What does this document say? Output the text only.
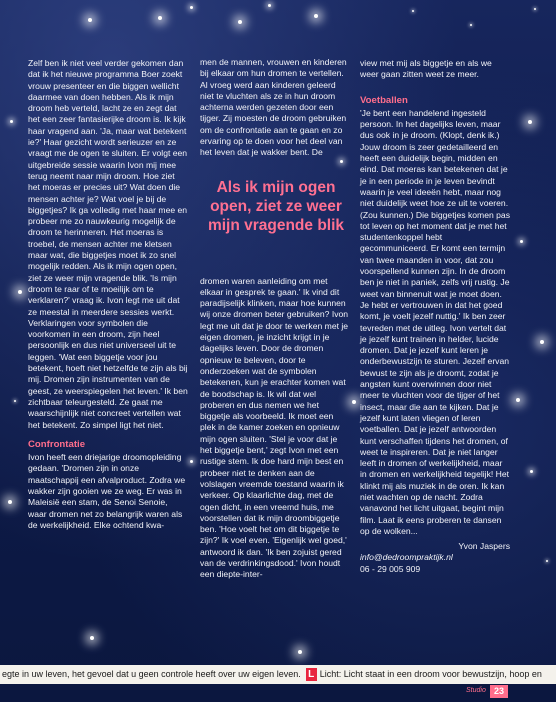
Zelf ben ik niet veel verder gekomen dan dat ik het nieuwe programma Boer zoekt vrouw presenteer en die biggen wellicht daarmee van doen hebben. Als ik mijn droom heb verteld, lacht ze en zegt dat het een zeer fantasierijke droom is. Ik kijk haar vragend aan. 'Ja, maar wat betekent ie?' Haar gezicht wordt serieuzer en ze vraagt me de ogen te sluiten. Er volgt een uitgebreide sessie waarin Ivon mij mee terug neemt naar mijn droom. Hoe ziet het moeras er precies uit? Wat doen die mensen achter je? Wat voel je bij de biggetjes? Ik ga volledig met haar mee en probeer me zo nauwkeurig mogelijk de droom te herinneren. Het moeras is troebel, de mensen achter me kletsen maar wat, die biggetjes moet ik zo snel mogelijk redden. Als ik mijn ogen open, ziet ze weer mijn vragende blik. 'Is mijn droom te raar of te moeilijk om te verklaren?' vraag ik. Ivon legt me uit dat ze meestal in meerdere sessies werkt. Verklaringen voor symbolen die voorkomen in een droom, zijn heel persoonlijk en dus niet universeel uit te leggen. 'Wat een biggetje voor jou betekent, hoeft niet hetzelfde te zijn als bij mij. Dromen zijn instrumenten van de geest, ze weerspiegelen het leven.' Ik ben zichtbaar teleurgesteld. Ze gaat me waarschijnlijk niet concreet vertellen wat het betekent. Zo simpel ligt het niet.

Confrontatie

Ivon heeft een driejarige droomopleiding gedaan. 'Dromen zijn in onze maatschappij een afvalproduct. Zodra we wakker zijn gooien we ze weg. Er was in Maleisië een stam, de Senoi Senoie, waar dromen net zo belangrijk waren als de werkelijkheid. Elke ochtend kwa-

men de mannen, vrouwen en kinderen bij elkaar om hun dromen te vertellen. Al vroeg werd aan kinderen geleerd niet te vluchten als ze in hun droom achterna werden gezeten door een tijger. Zij moesten de droom gebruiken om de confrontatie aan te gaan en zo ervaring op te doen voor het deel van het leven dat je wakker bent. De

Als ik mijn ogen open, ziet ze weer mijn vragende blik

dromen waren aanleiding om met elkaar in gesprek te gaan.' Ik vind dit paradijselijk klinken, maar hoe kunnen wij onze dromen beter gebruiken? Ivon legt me uit dat je door te werken met je eigen dromen, je inzicht krijgt in je dagelijks leven. Door de dromen opnieuw te beleven, door te onderzoeken wat de symbolen betekenen, kun je erachter komen wat de boodschap is. Ik wil dat wel proberen en dus nemen we het biggetje als voorbeeld. Ik moet een plek in de kamer zoeken en opnieuw mijn ogen sluiten. 'Stel je voor dat je het biggetje bent,' zegt Ivon met een rustige stem. Ik doe hard mijn best en probeer niet te denken aan de volslagen vreemde toestand waarin ik verkeer. Op klaarlichte dag, met de ogen dicht, in een vreemd huis, me voorstellen dat ik mijn droombiggetje ben. 'Hoe voelt het om dit biggetje te zijn?' Ik voel even. 'Eigenlijk wel goed,' antwoord ik dan. 'Ik ben zojuist gered van de verdrinkingsdood.' Ivon houdt een diepte-inter-

view met mij als biggetje en als we weer gaan zitten weet ze meer.

Voetballen

'Je bent een handelend ingesteld persoon. In het dagelijks leven, maar dus ook in je droom. (Klopt, denk ik.) Jouw droom is zeer gedetailleerd en heeft een duidelijk begin, midden en eind. Dat moeras kan betekenen dat je je in een periode in je leven bevindt waarin je veel ideeën hebt, maar nog niet duidelijk weet hoe ze uit te voeren. (Zou kunnen.) Die biggetjes komen pas tot leven op het moment dat je met het studentenkoppel hebt gecommuniceerd. Er komt een termijn van twee maanden in voor, dat zou voorspellend kunnen zijn. In de droom ben je niet in paniek, zelfs vrij rustig. Je weet van binnenuit wat je moet doen. Je hebt er vertrouwen in dat het goed komt, je voelt jezelf nuttig.' Ik ben zeer tevreden met de uitleg. Ivon vertelt dat je jezelf kunt trainen in helder, lucide dromen. Dat je jezelf kunt leren je onderbewustzijn te sturen. Jezelf ervan bewust te zijn als je droomt, zodat je angsten kunt overwinnen door niet meer te vluchten voor de tijger of het insect, maar die aan te kijken. Dat je jezelf kunt laten vliegen of leren voetballen. Dat je jezelf antwoorden kunt verschaffen tijdens het dromen, of weet te inspireren. Dat je niet langer leeft in dromen of werkelijkheid, maar in dromen en werkelijkheid tegelijk! Het klinkt mij als muziek in de oren. Ik kan niet wachten op de nacht. Zodra vanavond het licht uitgaat, begint mijn film. Laat ik eens proberen te dansen op de wolken...

Yvon Jaspers

info@dedroompraktijk.nl

06 - 29 005 909

egte in uw leven, het gevoel dat u geen controle heeft over uw eigen leven. L Licht: Licht staat in een droom voor bewustzijn, hoop en
Studio 23
